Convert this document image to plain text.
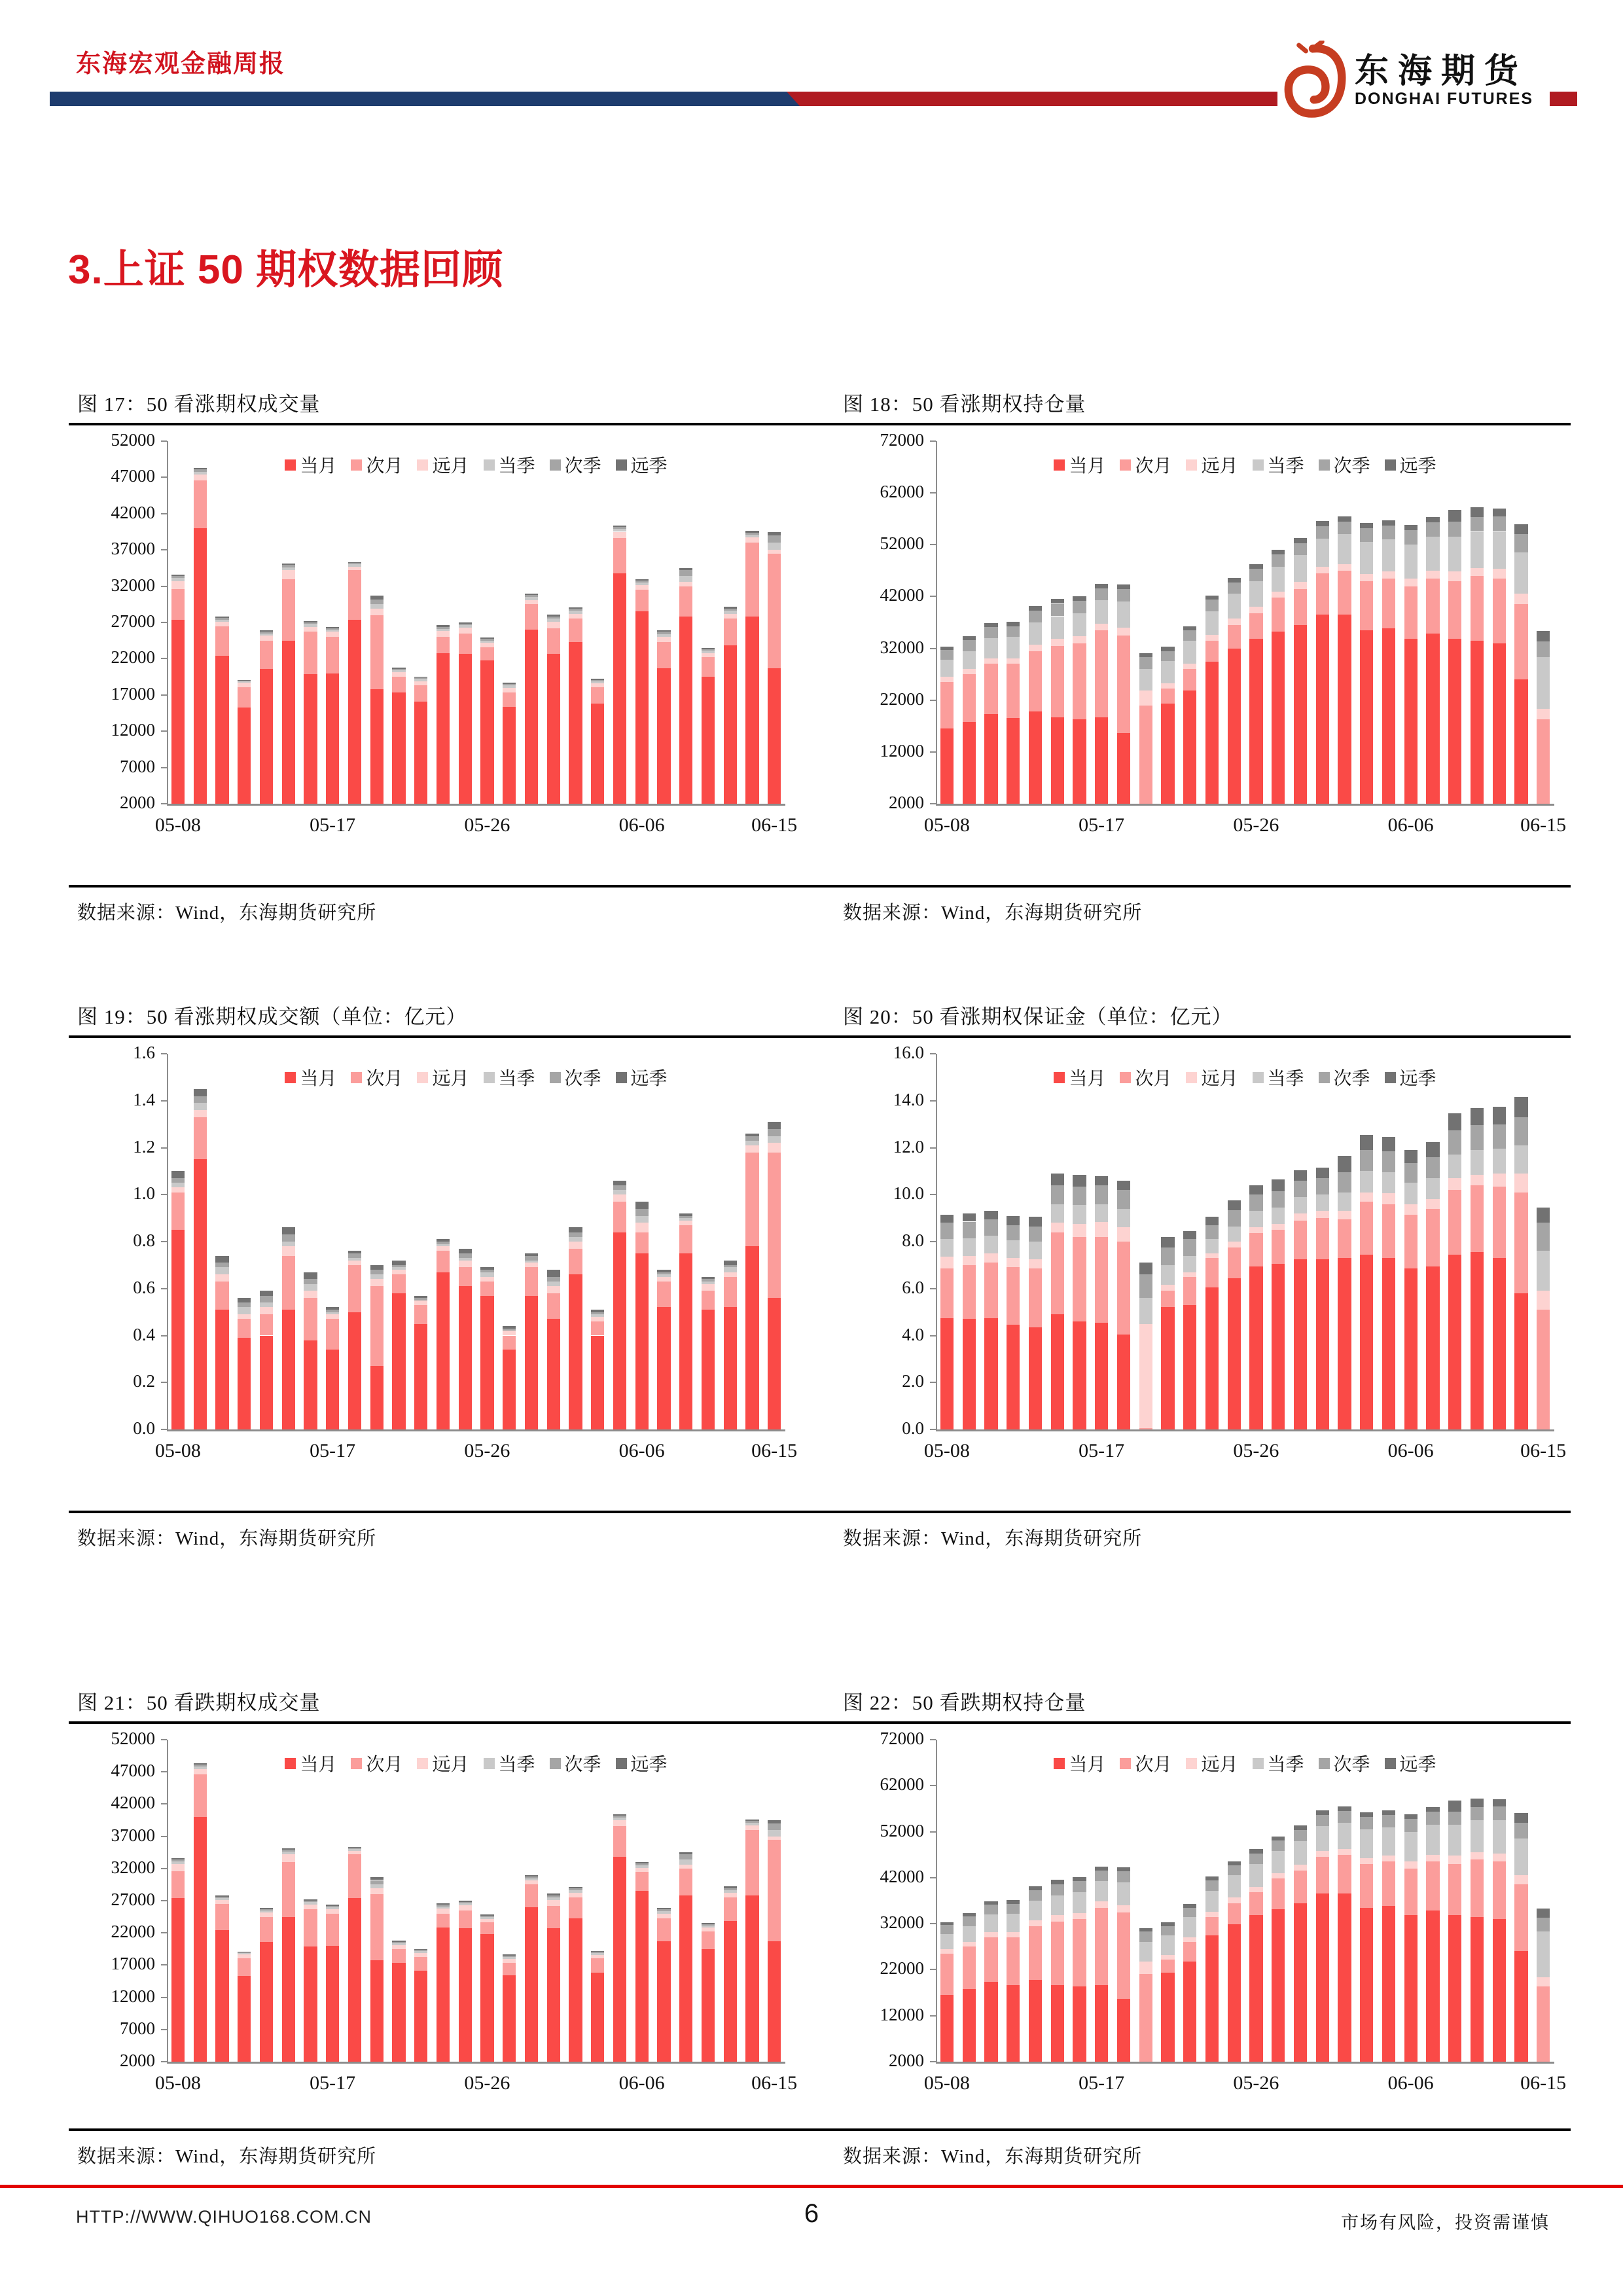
东海宏观金融周报	东海期货
DONGHAI FUTURES
3.上证 50 期权数据回顾
图 17：50 看涨期权成交量	图 18：50 看涨期权持仓量
图 19：50 看涨期权成交额（单位：亿元）	图 20：50 看涨期权保证金（单位：亿元）
图 21：50 看跌期权成交量	图 22：50 看跌期权持仓量
52000
47000
42000
37000
32000
27000
22000
17000
12000
7000
2000
05-08	05-17	05-26	06-06	06-15
当月 次月 远月 当季 次季 远季
72000
62000
52000
42000
32000
22000
12000
2000
05-08	05-17	05-26	06-06	06-15
当月 次月 远月 当季 次季 远季
1.6
1.4
1.2
1.0
0.8
0.6
0.4
0.2
0.0
05-08	05-17	05-26	06-06	06-15
当月 次月 远月 当季 次季 远季
16.0
14.0
12.0
10.0
8.0
6.0
4.0
2.0
0.0
05-08	05-17	05-26	06-06	06-15
当月 次月 远月 当季 次季 远季
52000
47000
42000
37000
32000
27000
22000
17000
12000
7000
2000
05-08	05-17	05-26	06-06	06-15
当月 次月 远月 当季 次季 远季
72000
62000
52000
42000
32000
22000
12000
2000
05-08	05-17	05-26	06-06	06-15
当月 次月 远月 当季 次季 远季
数据来源：Wind，东海期货研究所	数据来源：Wind，东海期货研究所
数据来源：Wind，东海期货研究所	数据来源：Wind，东海期货研究所
数据来源：Wind，东海期货研究所	数据来源：Wind，东海期货研究所
HTTP://WWW.QIHUO168.COM.CN	6	市场有风险，投资需谨慎
